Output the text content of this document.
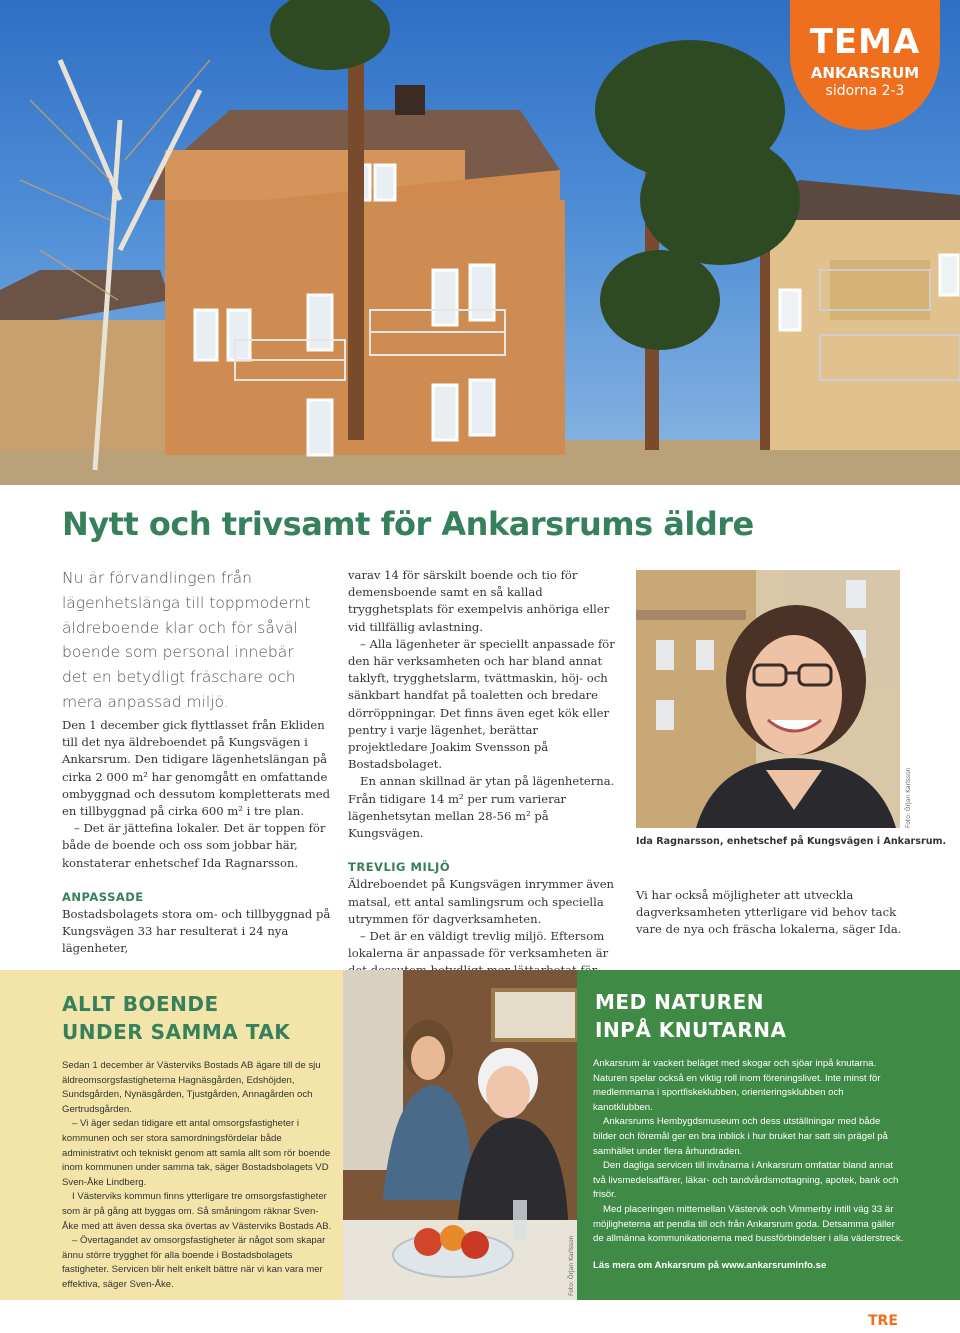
TEMA
ANKARSRUM
sidorna 2-3
Nytt och trivsamt för Ankarsrums äldre
Nu är förvandlingen från lägenhetslänga till toppmodernt äldreboende klar och för såväl boende som personal innebär det en betydligt fräschare och mera anpassad miljö.

Den 1 december gick flyttlasset från Ekliden till det nya äldreboendet på Kungsvägen i Ankarsrum. Den tidigare lägenhetslängan på cirka 2 000 m² har genomgått en omfattande ombyggnad och dessutom kompletterats med en tillbyggnad på cirka 600 m² i tre plan.

– Det är jättefina lokaler. Det är toppen för både de boende och oss som jobbar här, konstaterar enhetschef Ida Ragnarsson.

ANPASSADE

Bostadsbolagets stora om- och tillbyggnad på Kungsvägen 33 har resulterat i 24 nya lägenheter,

varav 14 för särskilt boende och tio för demensboende samt en så kallad trygghetsplats för exempelvis anhöriga eller vid tillfällig avlastning.

– Alla lägenheter är speciellt anpassade för den här verksamheten och har bland annat taklyft, trygghetslarm, tvättmaskin, höj- och sänkbart handfat på toaletten och bredare dörröppningar. Det finns även eget kök eller pentry i varje lägenhet, berättar projektledare Joakim Svensson på Bostadsbolaget.

En annan skillnad är ytan på lägenheterna. Från tidigare 14 m² per rum varierar lägenhetsytan mellan 28-56 m² på Kungsvägen.

TREVLIG MILJÖ

Äldreboendet på Kungsvägen inrymmer även matsal, ett antal samlingsrum och speciella utrymmen för dagverksamheten.

– Det är en väldigt trevlig miljö. Eftersom lokalerna är anpassade för verksamheten är

Foto: Örjan Karlsson
Ida Ragnarsson, enhetschef på Kungsvägen i Ankarsrum.

Vi har också möjligheter att utveckla dagverksamheten ytterligare vid behov tack vare de nya och fräscha lokalerna, säger Ida.

ALLT BOENDE
UNDER SAMMA TAK

Sedan 1 december är Västerviks Bostads AB ägare till de sju äldreomsorgsfastigheterna Hagnäsgården, Edshöjden, Sundsgården, Nynäsgården, Tjustgården, Annagården och Gertrudsgården.

– Vi äger sedan tidigare ett antal omsorgsfastigheter i kommunen och ser stora samordningsfördelar både administrativt och tekniskt genom att samla allt som rör boende inom kommunen under samma tak, säger Bostadsbolagets VD Sven-Åke Lindberg.

I Västerviks kommun finns ytterligare tre omsorgsfastigheter som är på gång att byggas om. Så småningom räknar Sven-Åke med att även dessa ska övertas av Västerviks Bostads AB.

– Övertagandet av omsorgsfastigheter är något som skapar ännu större trygghet för alla boende i Bostadsbolagets fastigheter. Servicen blir helt enkelt bättre när vi kan vara mer effektiva, säger Sven-Åke.	Foto: Örjan Karlsson
MED NATUREN
INPÅ KNUTARNA

Ankarsrum är vackert beläget med skogar och sjöar inpå knutarna. Naturen spelar också en viktig roll inom föreningslivet. Inte minst för medlemmarna i sportfiskeklubben, orienteringsklubben och kanotklubben.

Ankarsrums Hembygdsmuseum och dess utställningar med både bilder och föremål ger en bra inblick i hur bruket har satt sin prägel på samhället under flera århundraden.

Den dagliga servicen till invånarna i Ankarsrum omfattar bland annat två livsmedelsaffärer, läkar- och tandvårdsmottagning, apotek, bank och frisör.

Med placeringen mittemellan Västervik och Vimmerby intill väg 33 är möjligheterna att pendla till och från Ankarsrum goda. Detsamma gäller de allmänna kommunikationerna med bussförbindelser i alla väderstreck.

Läs mera om Ankarsrum på www.ankarsruminfo.se

TRE
